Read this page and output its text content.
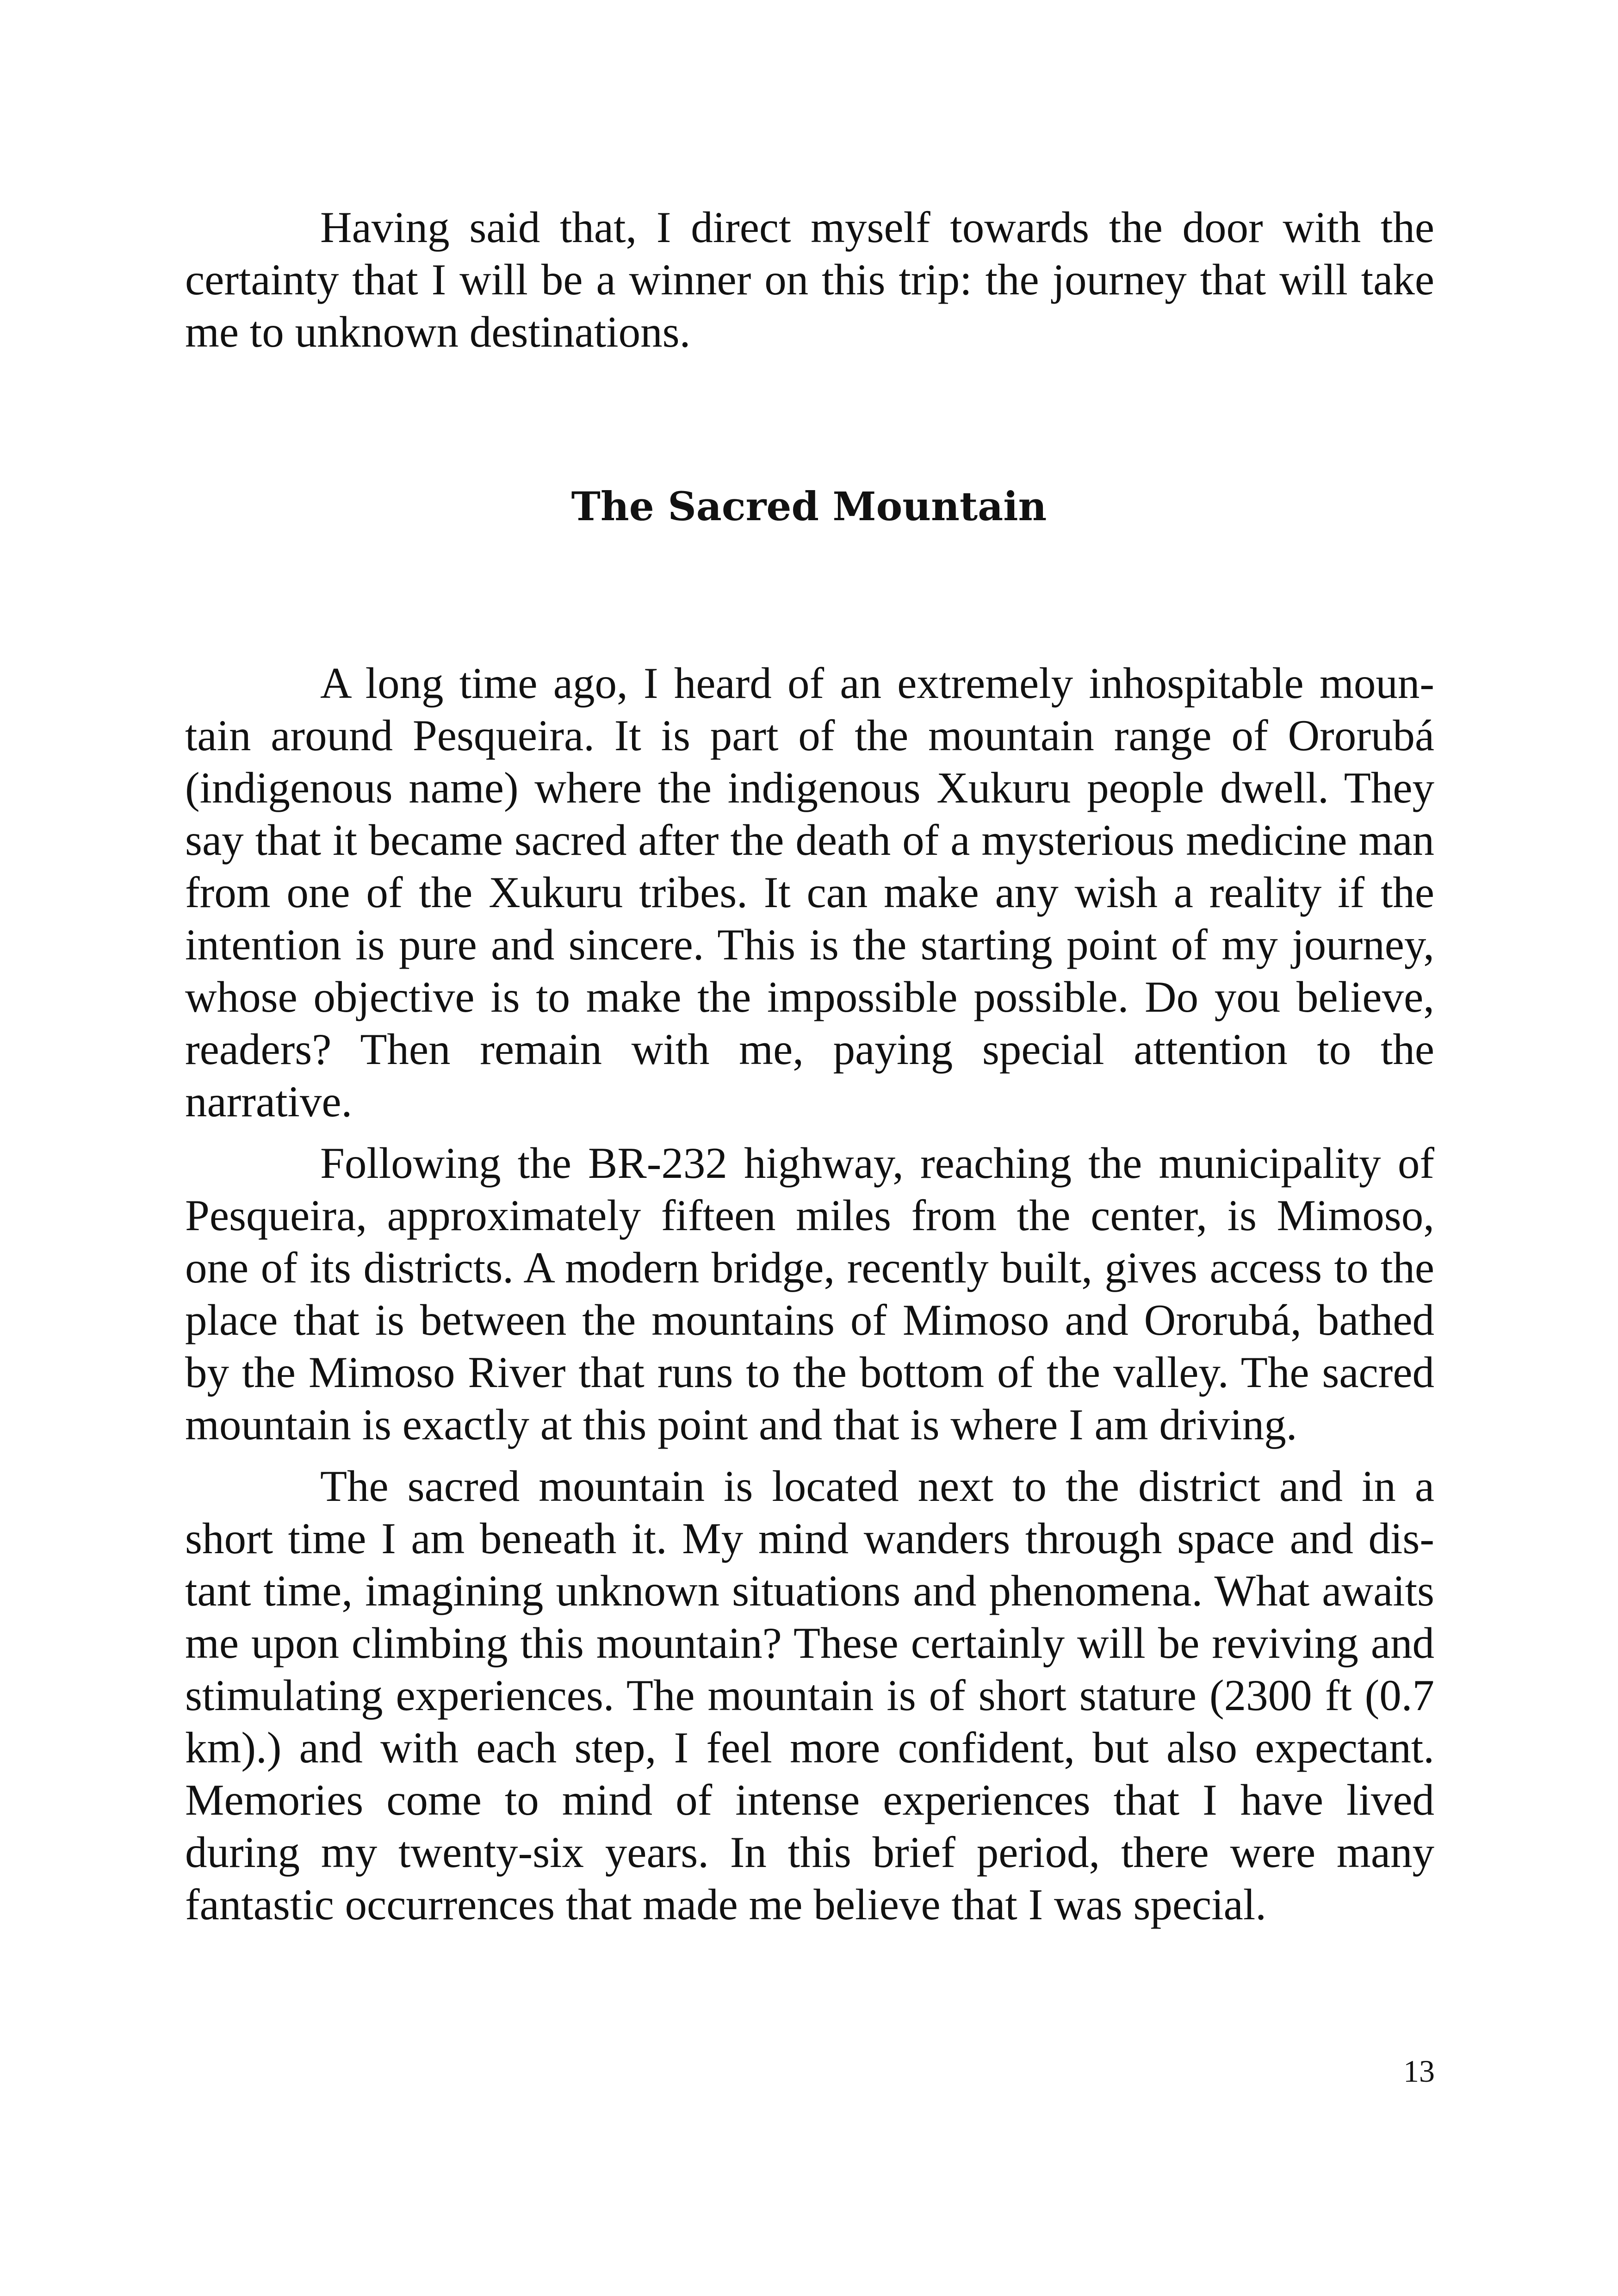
Having said that, I direct myself towards the door with the certainty that I will be a winner on this trip: the journey that will take me to unknown destinations.

The Sacred Mountain

A long time ago, I heard of an extremely inhospitable mountain around Pesqueira. It is part of the mountain range of Ororubá (indigenous name) where the indigenous Xukuru people dwell. They say that it became sacred after the death of a mysterious medicine man from one of the Xukuru tribes. It can make any wish a reality if the intention is pure and sincere. This is the starting point of my journey, whose objective is to make the impossible possible. Do you believe, readers? Then remain with me, paying special attention to the narrative.

Following the BR-232 highway, reaching the municipality of Pesqueira, approximately fifteen miles from the center, is Mimoso, one of its districts. A modern bridge, recently built, gives access to the place that is between the mountains of Mimoso and Ororubá, bathed by the Mimoso River that runs to the bottom of the valley. The sacred mountain is exactly at this point and that is where I am driving.

The sacred mountain is located next to the district and in a short time I am beneath it. My mind wanders through space and distant time, imagining unknown situations and phenomena. What awaits me upon climbing this mountain? These certainly will be reviving and stimulating experiences. The mountain is of short stature (2300 ft (0.7 km).) and with each step, I feel more confident, but also expectant. Memories come to mind of intense experiences that I have lived during my twenty-six years. In this brief period, there were many fantastic occurrences that made me believe that I was special.

13
